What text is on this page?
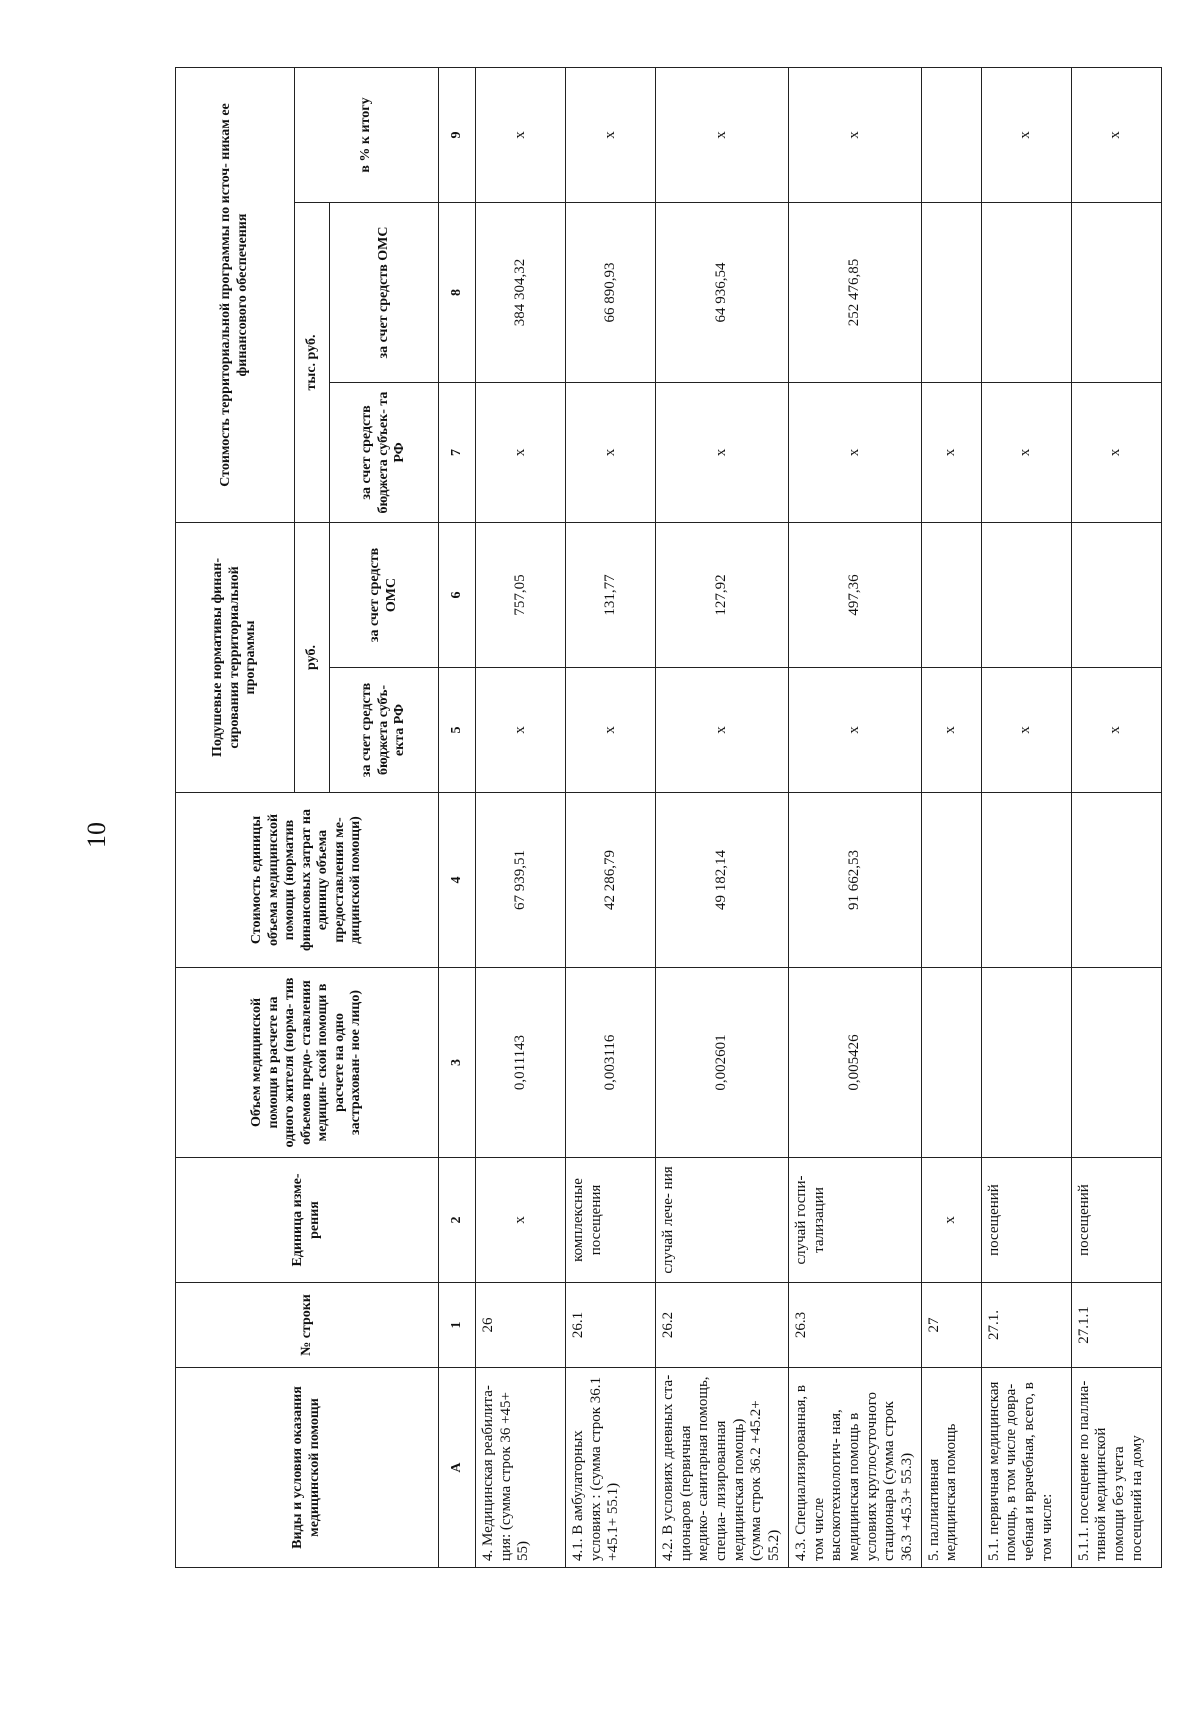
10
Виды и условия оказания медицинской помощи	№ строки	Единица изме- рения	Объем медицинской помощи в расчете на одного жителя (норма- тив объемов предо- ставления медицин- ской помощи в расчете на одно застрахован- ное лицо)	Стоимость единицы объема медицинской помощи (норматив финансовых затрат на единицу объема предоставления ме- дицинской помощи)	Подушевые нормативы финан- сирования территориальной программы		Стоимость территориальной программы по источ- никам ее финансового обеспечения		
					руб.		тыс. руб.		в % к итогу
					за счет средств бюджета субъ- екта РФ	за счет средств ОМС	за счет средств бюджета субъек- та РФ	за счет средств ОМС	
А	1	2	3	4	5	6	7	8	9
4. Медицинская реабилита- ция: (сумма строк 36 +45+ 55)	26	х	0,011143	67 939,51	х	757,05	х	384 304,32	х
4.1. В амбулаторных условиях : (сумма строк 36.1 +45.1+ 55.1)	26.1	комплексные посещения	0,003116	42 286,79	х	131,77	х	66 890,93	х
4.2. В условиях дневных ста- ционаров (первичная медико- санитарная помощь, специа- лизированная медицинская помощь) (сумма строк 36.2 +45.2+ 55.2)	26.2	случай лече- ния	0,002601	49 182,14	х	127,92	х	64 936,54	х
4.3. Специализированная, в том числе высокотехнологич- ная, медицинская помощь в условиях круглосуточного стационара (сумма строк 36.3 +45.3+ 55.3)	26.3	случай госпи- тализации	0,005426	91 662,53	х	497,36	х	252 476,85	х
5. паллиативная медицинская помощь	27	х			х		х		
5.1. первичная медицинская помощь, в том числе довра- чебная и врачебная, всего, в том числе:	27.1.	посещений			х		х		х
5.1.1. посещение по паллиа- тивной медицинской помощи без учета посещений на дому	27.1.1	посещений			х		х		х
